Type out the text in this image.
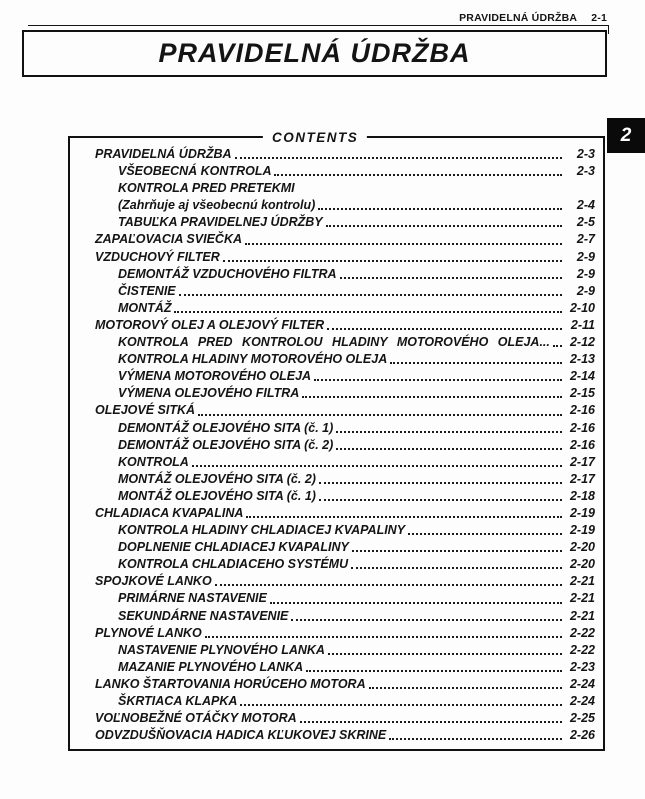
PRAVIDELNÁ ÚDRŽBA 2-1
PRAVIDELNÁ ÚDRŽBA
2
CONTENTS
PRAVIDELNÁ ÚDRŽBA	2-3
VŠEOBECNÁ KONTROLA	2-3
KONTROLA PRED PRETEKMI
(Zahrňuje aj všeobecnú kontrolu)	2-4
TABUĽKA PRAVIDELNEJ ÚDRŽBY	2-5
ZAPAĽOVACIA SVIEČKA	2-7
VZDUCHOVÝ FILTER	2-9
DEMONTÁŽ VZDUCHOVÉHO FILTRA	2-9
ČISTENIE	2-9
MONTÁŽ	2-10
MOTOROVÝ OLEJ A OLEJOVÝ FILTER	2-11
KONTROLA PRED KONTROLOU HLADINY MOTOROVÉHO OLEJA...	2-12
KONTROLA HLADINY MOTOROVÉHO OLEJA	2-13
VÝMENA MOTOROVÉHO OLEJA	2-14
VÝMENA OLEJOVÉHO FILTRA	2-15
OLEJOVÉ SITKÁ	2-16
DEMONTÁŽ OLEJOVÉHO SITA (č. 1)	2-16
DEMONTÁŽ OLEJOVÉHO SITA (č. 2)	2-16
KONTROLA	2-17
MONTÁŽ OLEJOVÉHO SITA (č. 2)	2-17
MONTÁŽ OLEJOVÉHO SITA (č. 1)	2-18
CHLADIACA KVAPALINA	2-19
KONTROLA HLADINY CHLADIACEJ KVAPALINY	2-19
DOPLNENIE CHLADIACEJ KVAPALINY	2-20
KONTROLA CHLADIACEHO SYSTÉMU	2-20
SPOJKOVÉ LANKO	2-21
PRIMÁRNE NASTAVENIE	2-21
SEKUNDÁRNE NASTAVENIE	2-21
PLYNOVÉ LANKO	2-22
NASTAVENIE PLYNOVÉHO LANKA	2-22
MAZANIE PLYNOVÉHO LANKA	2-23
LANKO ŠTARTOVANIA HORÚCEHO MOTORA	2-24
ŠKRTIACA KLAPKA	2-24
VOĽNOBEŽNÉ OTÁČKY MOTORA	2-25
ODVZDUŠŇOVACIA HADICA KĽUKOVEJ SKRINE	2-26
